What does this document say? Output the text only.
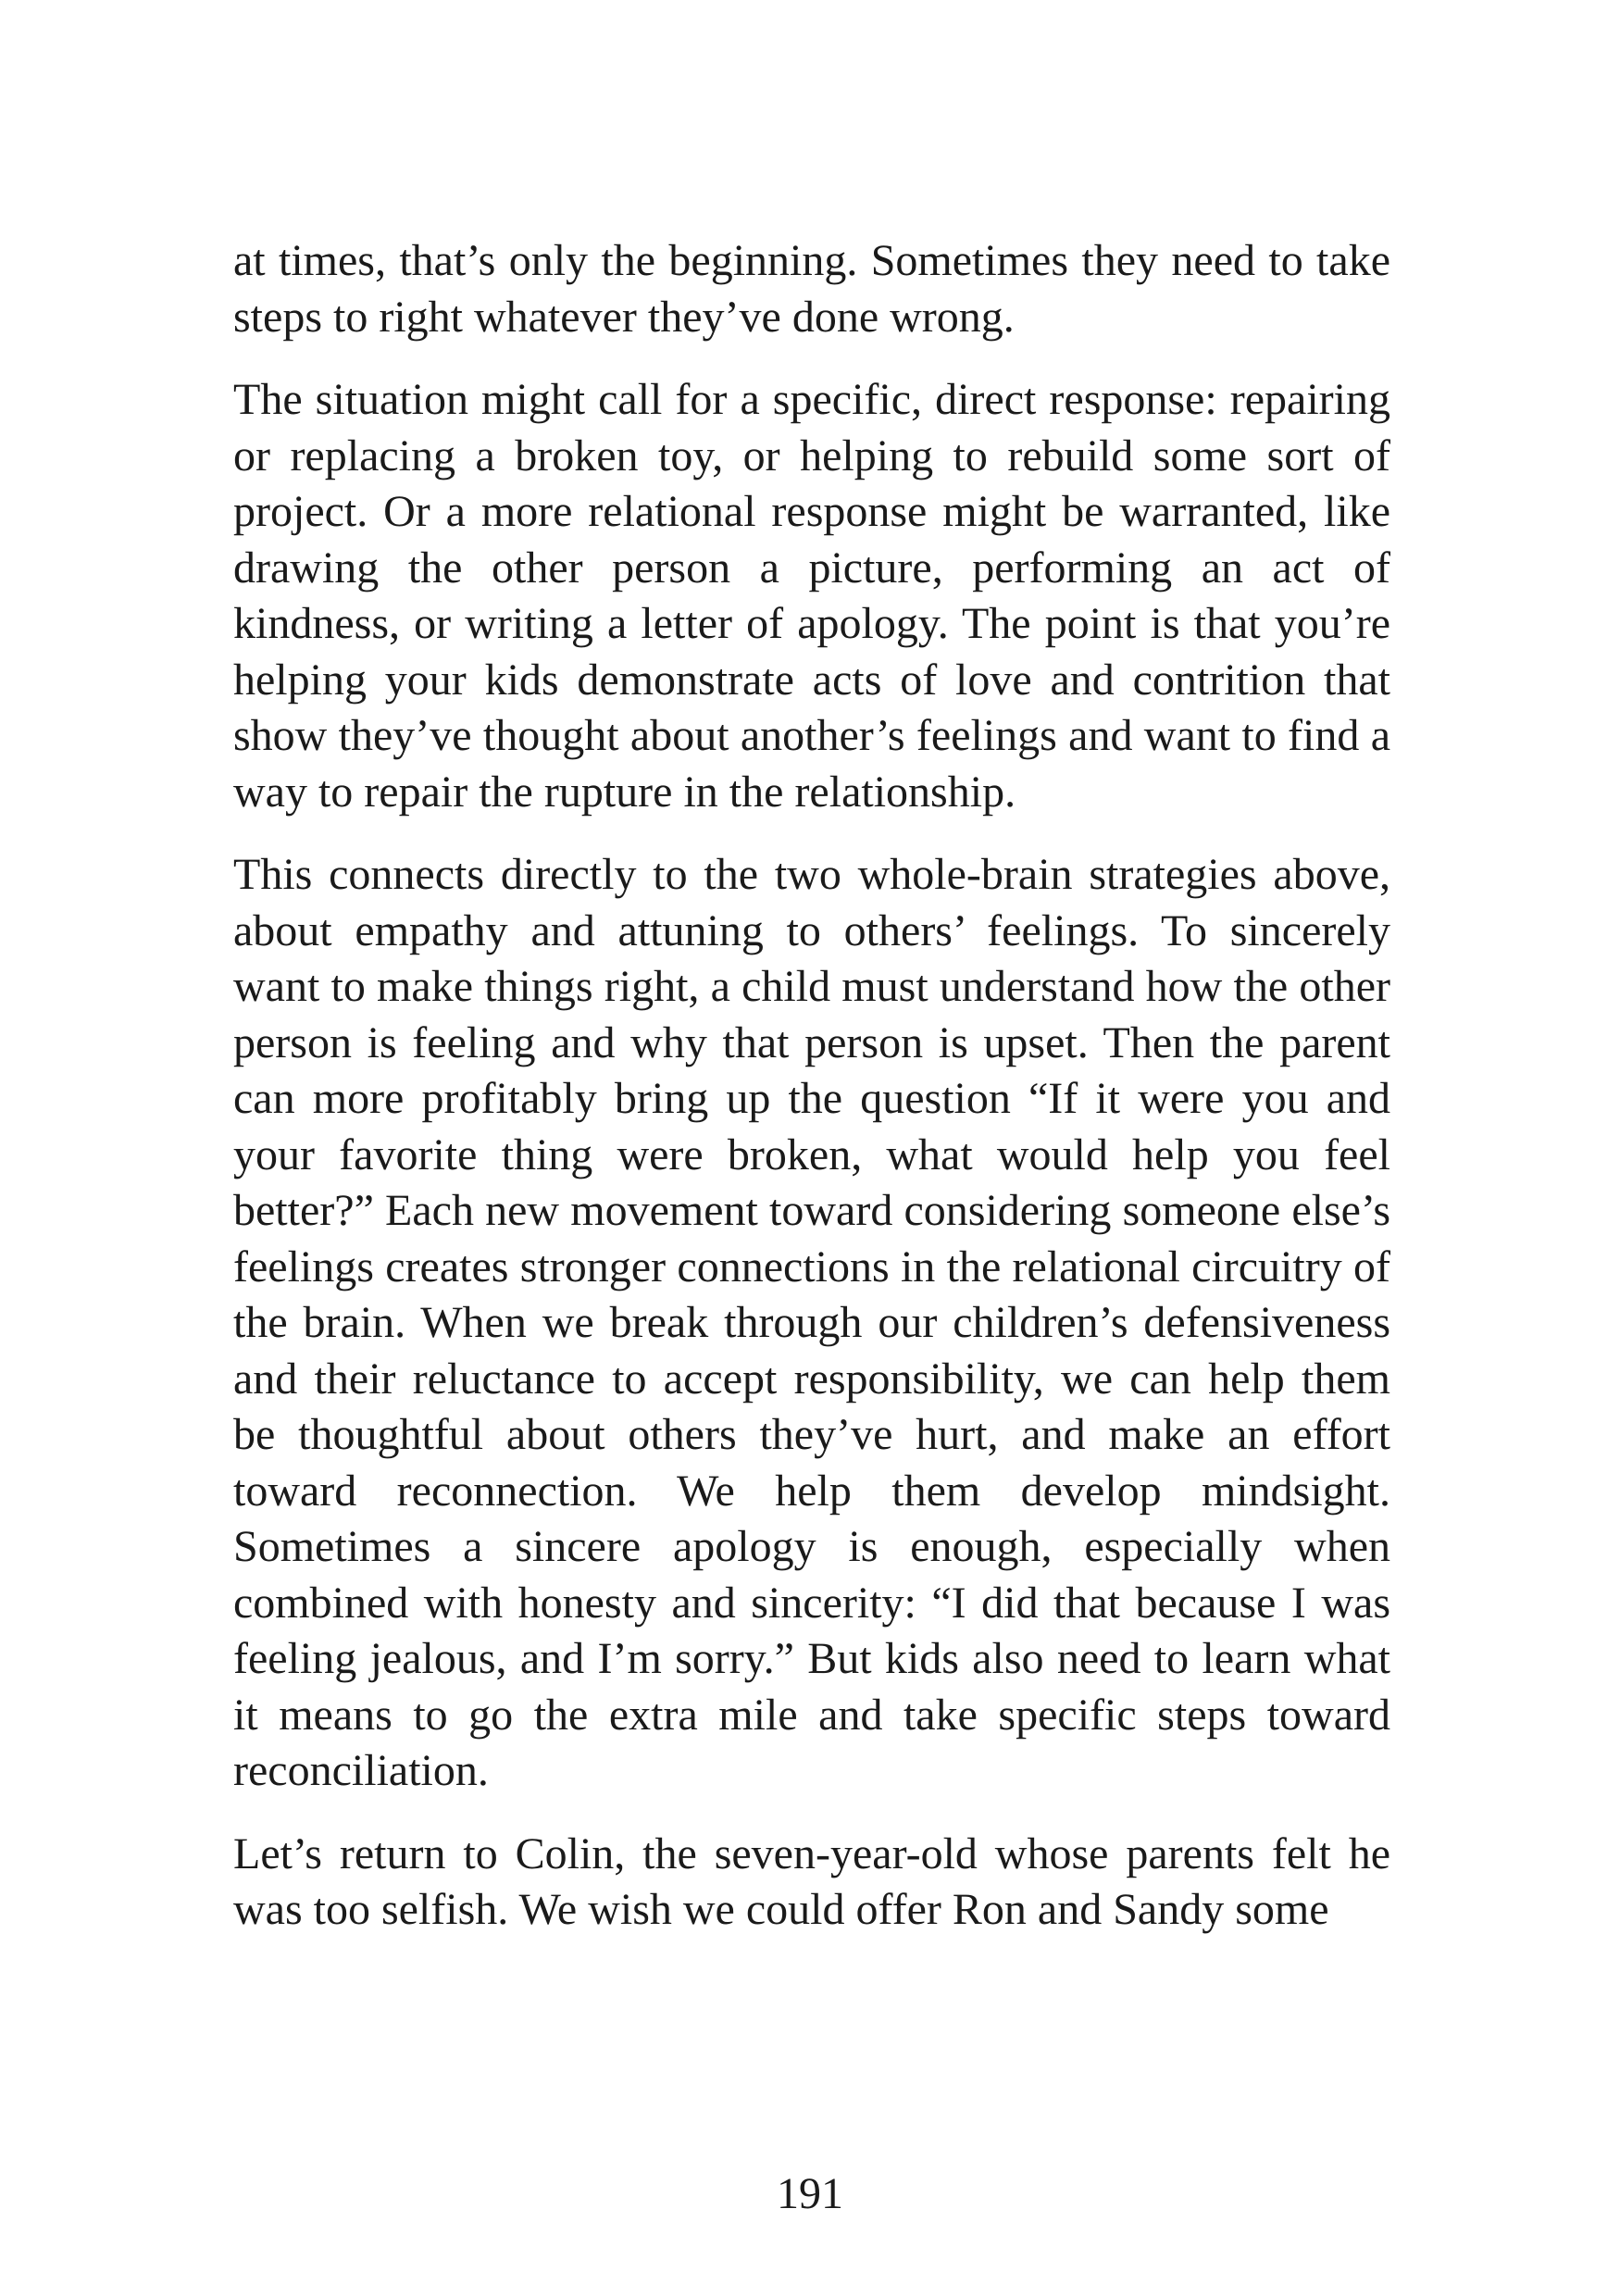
at times, that’s only the beginning. Sometimes they need to take steps to right whatever they’ve done wrong.

The situation might call for a specific, direct response: repairing or replacing a broken toy, or helping to rebuild some sort of project. Or a more relational response might be warranted, like drawing the other person a picture, performing an act of kindness, or writing a letter of apology. The point is that you’re helping your kids demonstrate acts of love and contrition that show they’ve thought about another’s feelings and want to find a way to repair the rupture in the relationship.

This connects directly to the two whole-brain strategies above, about empathy and attuning to others’ feelings. To sincerely want to make things right, a child must understand how the other person is feeling and why that person is upset. Then the parent can more profitably bring up the question “If it were you and your favorite thing were broken, what would help you feel better?” Each new movement toward considering someone else’s feelings creates stronger connections in the relational circuitry of the brain. When we break through our children’s defensiveness and their reluctance to accept responsibility, we can help them be thoughtful about others they’ve hurt, and make an effort toward reconnection. We help them develop mindsight. Sometimes a sincere apology is enough, especially when combined with honesty and sincerity: “I did that because I was feeling jealous, and I’m sorry.” But kids also need to learn what it means to go the extra mile and take specific steps toward reconciliation.

Let’s return to Colin, the seven-year-old whose parents felt he was too selfish. We wish we could offer Ron and Sandy some

191
